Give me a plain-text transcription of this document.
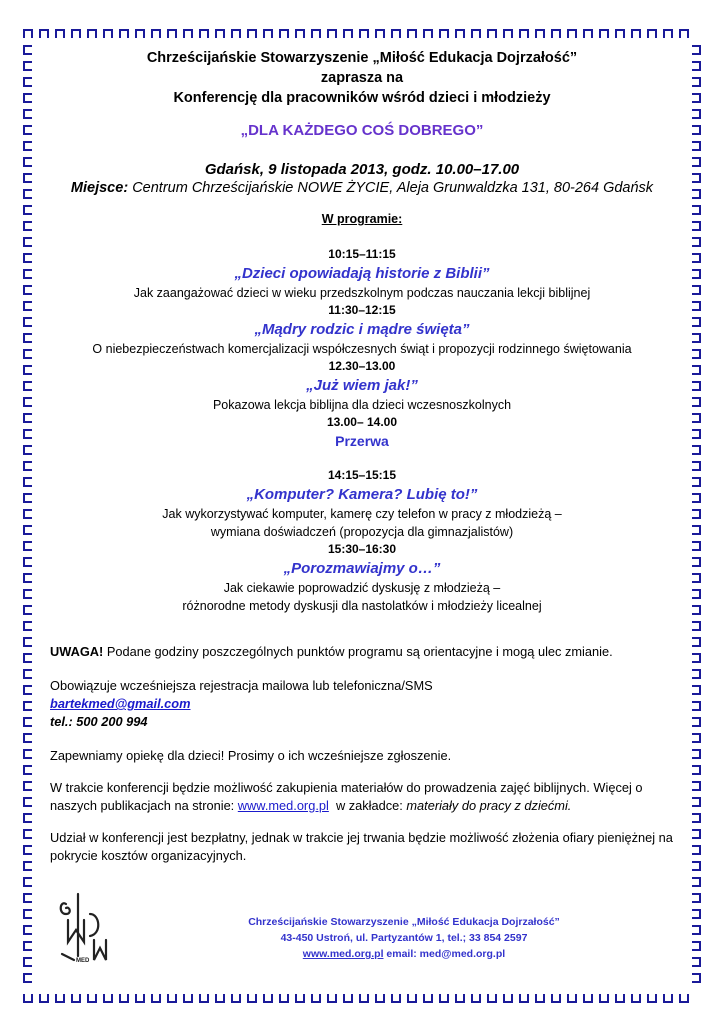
Chrześcijańskie Stowarzyszenie „Miłość Edukacja Dojrzałość”
zaprasza na
Konferencję dla pracowników wśród dzieci i młodzieży
„DLA KAŻDEGO COŚ DOBREGO”
Gdańsk, 9 listopada 2013, godz. 10.00–17.00
Miejsce: Centrum Chrześcijańskie NOWE ŻYCIE, Aleja Grunwaldzka 131, 80-264 Gdańsk
W programie:
10:15–11:15
„Dzieci opowiadają historie z Biblii”
Jak zaangażować dzieci w wieku przedszkolnym podczas nauczania lekcji biblijnej
11:30–12:15
„Mądry rodzic i mądre święta”
O niebezpieczeństwach komercjalizacji współczesnych świąt i propozycji rodzinnego świętowania
12.30–13.00
„Już wiem jak!”
Pokazowa lekcja biblijna dla dzieci wczesnoszkolnych
13.00– 14.00
Przerwa
14:15–15:15
„Komputer? Kamera? Lubię to!”
Jak wykorzystywać komputer, kamerę czy telefon w pracy z młodzieżą –
wymiana doświadczeń (propozycja dla gimnazjalistów)
15:30–16:30
„Porozmawiajmy o…”
Jak ciekawie poprowadzić dyskusję z młodzieżą –
różnorodne metody dyskusji dla nastolatków i młodzieży licealnej
UWAGA! Podane godziny poszczególnych punktów programu są orientacyjne i mogą ulec zmianie.
Obowiązuje wcześniejsza rejestracja mailowa lub telefoniczna/SMS
bartekmed@gmail.com
tel.: 500 200 994
Zapewniamy opiekę dla dzieci! Prosimy o ich wcześniejsze zgłoszenie.
W trakcie konferencji będzie możliwość zakupienia materiałów do prowadzenia zajęć biblijnych. Więcej o naszych publikacjach na stronie: www.med.org.pl  w zakładce: materiały do pracy z dziećmi.
Udział w konferencji jest bezpłatny, jednak w trakcie jej trwania będzie możliwość złożenia ofiary pieniężnej na pokrycie kosztów organizacyjnych.
MED
Chrześcijańskie Stowarzyszenie „Miłość Edukacja Dojrzałość”
43-450 Ustroń, ul. Partyzantów 1, tel.; 33 854 2597
www.med.org.pl email: med@med.org.pl
